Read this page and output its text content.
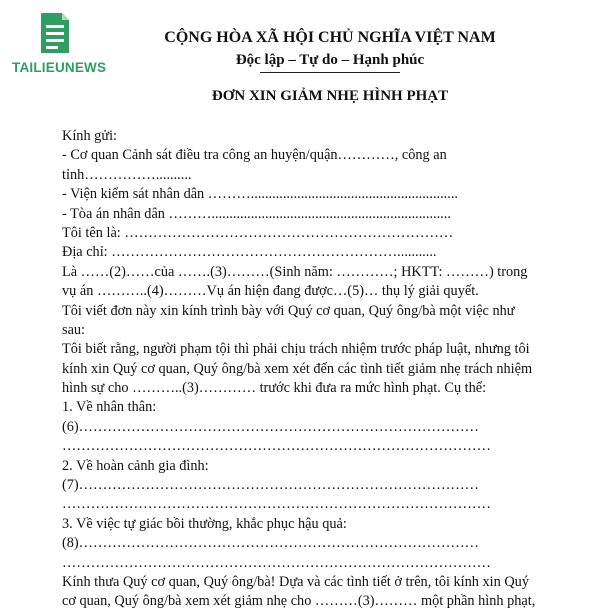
TAILIEUNEWS
CỘNG HÒA XÃ HỘI CHỦ NGHĨA VIỆT NAM
Độc lập – Tự do – Hạnh phúc
ĐƠN XIN GIẢM NHẸ HÌNH PHẠT
Kính gửi:
- Cơ quan Cảnh sát điều tra công an huyện/quận…………, công an
tỉnh……………..........
- Viện kiểm sát nhân dân ………..........................................................
- Tòa án nhân dân ………...................................................................
Tôi tên là: ……………………………………………………………
Địa chỉ: ……………………………………………………...........
Là ……(2)……của …….(3)………(Sinh năm: …………; HKTT: ………) trong
vụ án ………..(4)………Vụ án hiện đang được…(5)… thụ lý giải quyết.
Tôi viết đơn này xin kính trình bày với Quý cơ quan, Quý ông/bà một việc như
sau:
Tôi biết rằng, người phạm tội thì phải chịu trách nhiệm trước pháp luật, nhưng tôi
kính xin Quý cơ quan, Quý ông/bà xem xét đến các tình tiết giảm nhẹ trách nhiệm
hình sự cho ………..(3)………… trước khi đưa ra mức hình phạt. Cụ thể:
1. Về nhân thân:
(6)…………………………………………………………………………
………………………………………………………………………………
2. Về hoàn cảnh gia đình:
(7)…………………………………………………………………………
………………………………………………………………………………
3. Về việc tự giác bồi thường, khắc phục hậu quả:
(8)…………………………………………………………………………
………………………………………………………………………………
Kính thưa Quý cơ quan, Quý ông/bà! Dựa và các tình tiết ở trên, tôi kính xin Quý
cơ quan, Quý ông/bà xem xét giảm nhẹ cho ………(3)……… một phần hình phạt,
